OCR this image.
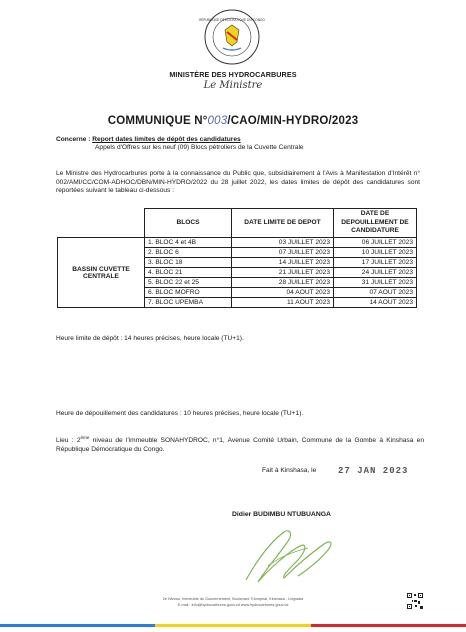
RÉPUBLIQUE DÉMOCRATIQUE DU CONGO
MINISTÈRE DES HYDROCARBURES
Le Ministre
COMMUNIQUE N°003/CAO/MIN-HYDRO/2023
Concerne : Report dates limites de dépôt des candidatures
Appels d'Offres sur les neuf (09) Blocs pétroliers de la Cuvette Centrale
Le Ministre des Hydrocarbures porte à la connaissance du Public que, subsidiairement à l'Avis à Manifestation d'Intérêt n° 002/AMI/CC/COM-ADHOC/DBN/MIN-HYDRO/2022 du 28 juillet 2022, les dates limites de dépôt des candidatures sont reportées suivant le tableau ci-dessous :
	BLOCS	DATE LIMITE DE DEPOT	DATE DE DEPOUILLEMENT DE CANDIDATURE
BASSIN CUVETTE CENTRALE	1. BLOC 4 et 4B	03 JUILLET 2023	06 JUILLET 2023
	2. BLOC 6	07 JUILLET 2023	10 JUILLET 2023
	3. BLOC 18	14 JUILLET 2023	17 JUILLET 2023
	4. BLOC 21	21 JUILLET 2023	24 JUILLET 2023
	5. BLOC 22 et 25	28 JUILLET 2023	31 JUILLET 2023
	6. BLOC MOFRO	04 AOUT 2023	07 AOUT 2023
	7. BLOC UPEMBA	11 AOUT 2023	14 AOUT 2023
Heure limite de dépôt : 14 heures précises, heure locale (TU+1).
Heure de dépouillement des candidatures : 10 heures précises, heure locale (TU+1).
Lieu : 2ème niveau de l'immeuble SONAHYDROC, n°1, Avenue Comité Urbain, Commune de la Gombe à Kinshasa en République Démocratique du Congo.
Fait à Kinshasa, le 27 JAN 2023
Didier BUDIMBU NTUBUANGA
2e Niveau, Immeuble du Gouvernement, Boulevard Triomphal, Kinshasa - Lingwala
E-mail : info@hydrocarbures.gouv.cd www.hydrocarbures.gouv.cd
